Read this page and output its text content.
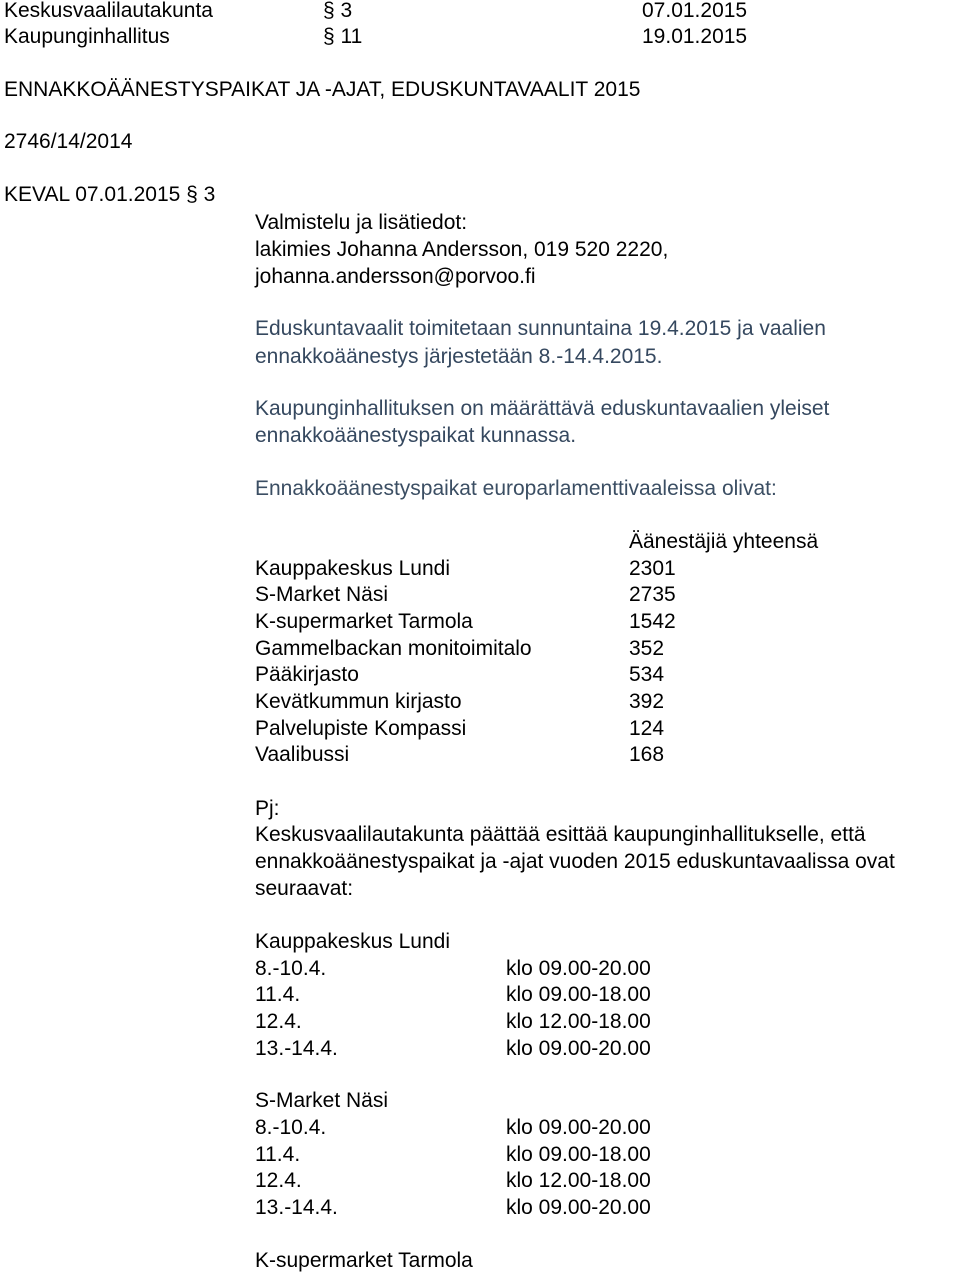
Keskusvaalilautakunta	§ 3	07.01.2015
Kaupunginhallitus	§ 11	19.01.2015
ENNAKKOÄÄNESTYSPAIKAT JA -AJAT, EDUSKUNTAVAALIT 2015
2746/14/2014
KEVAL 07.01.2015 § 3
Valmistelu ja lisätiedot:
lakimies Johanna Andersson, 019 520 2220,
johanna.andersson@porvoo.fi
Eduskuntavaalit toimitetaan sunnuntaina 19.4.2015 ja vaalien
ennakkoäänestys järjestetään 8.-14.4.2015.
Kaupunginhallituksen on määrättävä eduskuntavaalien yleiset
ennakkoäänestyspaikat kunnassa.
Ennakkoäänestyspaikat europarlamenttivaaleissa olivat:
Äänestäjiä yhteensä
Kauppakeskus Lundi	2301
S-Market Näsi	2735
K-supermarket Tarmola	1542
Gammelbackan monitoimitalo	352
Pääkirjasto	534
Kevätkummun kirjasto	392
Palvelupiste Kompassi	124
Vaalibussi	168
Pj:
Keskusvaalilautakunta päättää esittää kaupunginhallitukselle, että
ennakkoäänestyspaikat ja -ajat vuoden 2015 eduskuntavaalissa ovat
seuraavat:
Kauppakeskus Lundi
8.-10.4.	klo 09.00-20.00
11.4.	klo 09.00-18.00
12.4.	klo 12.00-18.00
13.-14.4.	klo 09.00-20.00
S-Market Näsi
8.-10.4.	klo 09.00-20.00
11.4.	klo 09.00-18.00
12.4.	klo 12.00-18.00
13.-14.4.	klo 09.00-20.00
K-supermarket Tarmola
